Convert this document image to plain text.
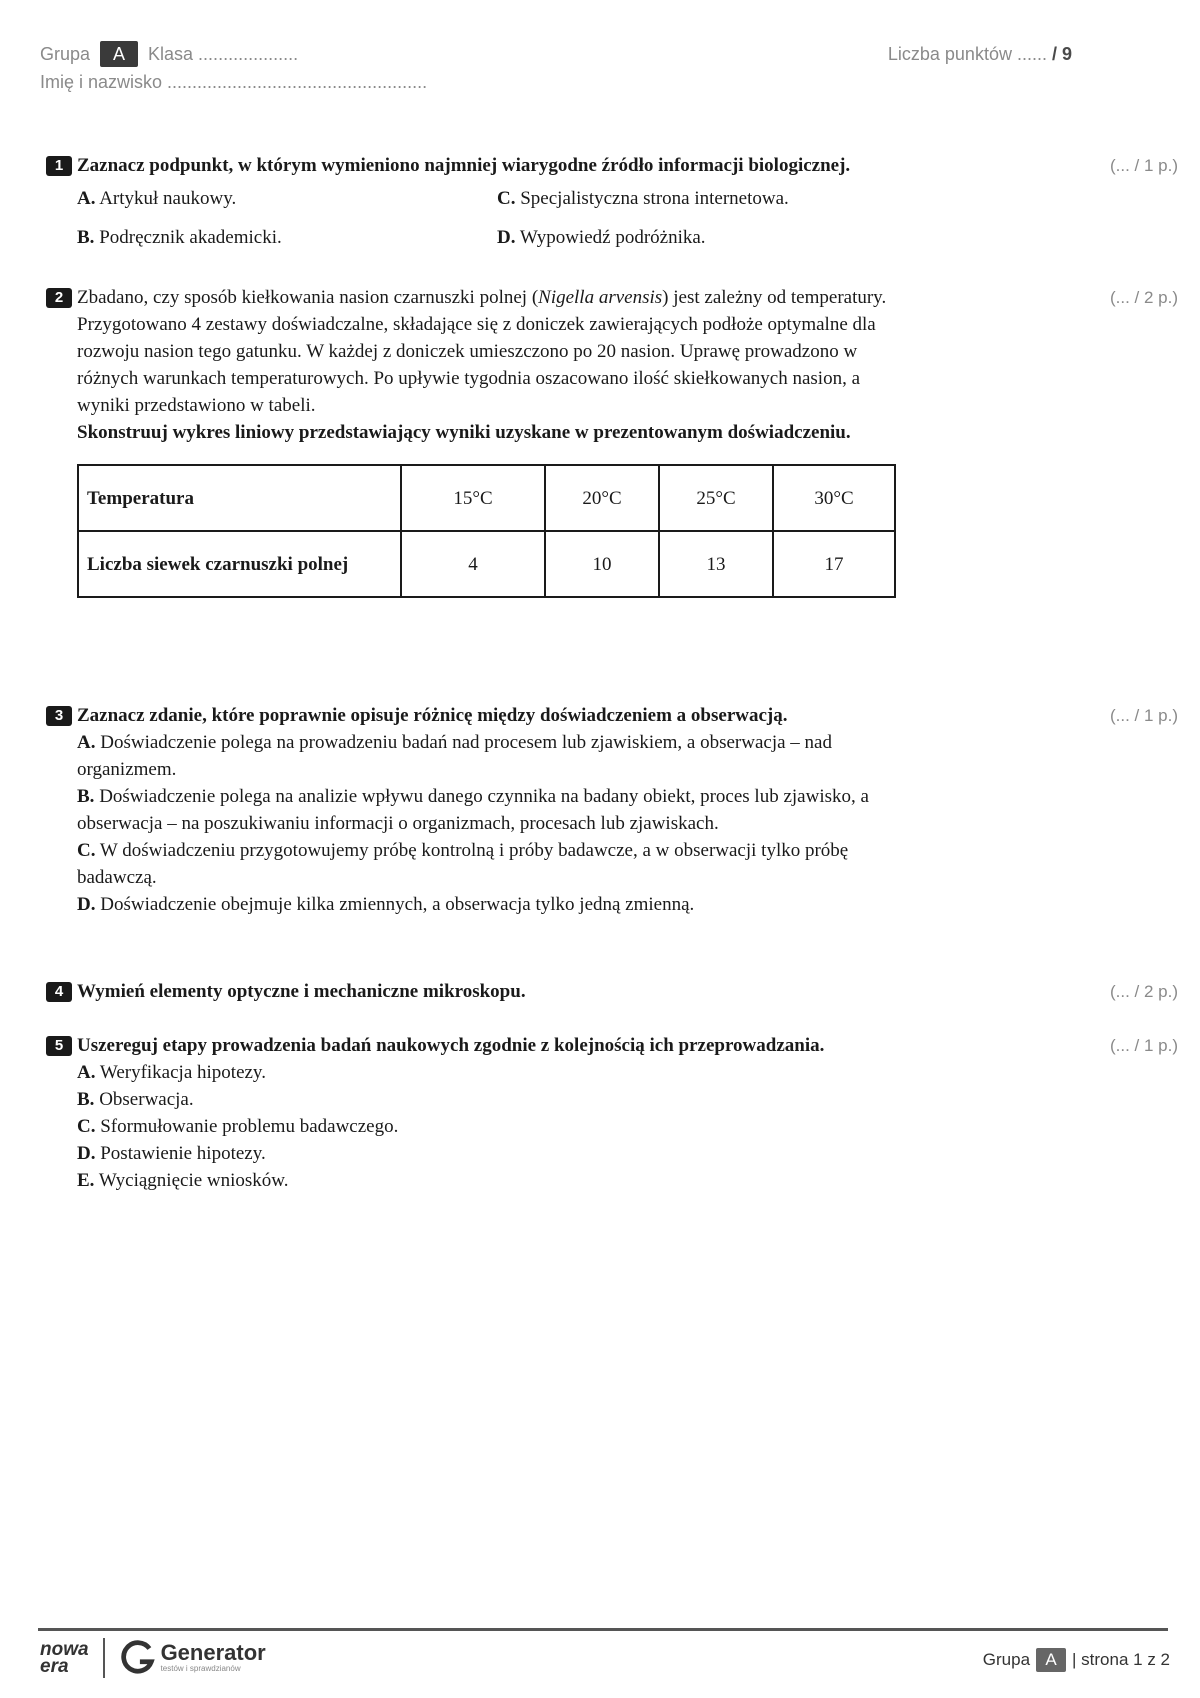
Grupa	A	Klasa ....................
Imię i nazwisko ....................................................
Liczba punktów ...... / 9
1 Zaznacz podpunkt, w którym wymieniono najmniej wiarygodne źródło informacji biologicznej.
A. Artykuł naukowy.	C. Specjalistyczna strona internetowa.
B. Podręcznik akademicki.	D. Wypowiedź podróżnika.
(... / 1 p.)
2 Zbadano, czy sposób kiełkowania nasion czarnuszki polnej (Nigella arvensis) jest zależny od temperatury. Przygotowano 4 zestawy doświadczalne, składające się z doniczek zawierających podłoże optymalne dla rozwoju nasion tego gatunku. W każdej z doniczek umieszczono po 20 nasion. Uprawę prowadzono w różnych warunkach temperaturowych. Po upływie tygodnia oszacowano ilość skiełkowanych nasion, a wyniki przedstawiono w tabeli.
Skonstruuj wykres liniowy przedstawiający wyniki uzyskane w prezentowanym doświadczeniu.
Temperatura	15°C	20°C	25°C	30°C
Liczba siewek czarnuszki polnej	4	10	13	17
(... / 2 p.)
3 Zaznacz zdanie, które poprawnie opisuje różnicę między doświadczeniem a obserwacją.
A. Doświadczenie polega na prowadzeniu badań nad procesem lub zjawiskiem, a obserwacja – nad organizmem.
B. Doświadczenie polega na analizie wpływu danego czynnika na badany obiekt, proces lub zjawisko, a obserwacja – na poszukiwaniu informacji o organizmach, procesach lub zjawiskach.
C. W doświadczeniu przygotowujemy próbę kontrolną i próby badawcze, a w obserwacji tylko próbę badawczą.
D. Doświadczenie obejmuje kilka zmiennych, a obserwacja tylko jedną zmienną.
(... / 1 p.)
4 Wymień elementy optyczne i mechaniczne mikroskopu.	(... / 2 p.)
5 Uszereguj etapy prowadzenia badań naukowych zgodnie z kolejnością ich przeprowadzania.
A. Weryfikacja hipotezy.
B. Obserwacja.
C. Sformułowanie problemu badawczego.
D. Postawienie hipotezy.
E. Wyciągnięcie wniosków.
(... / 1 p.)
nowa
era
Generator
testów i sprawdzianów	Grupa A | strona 1 z 2
